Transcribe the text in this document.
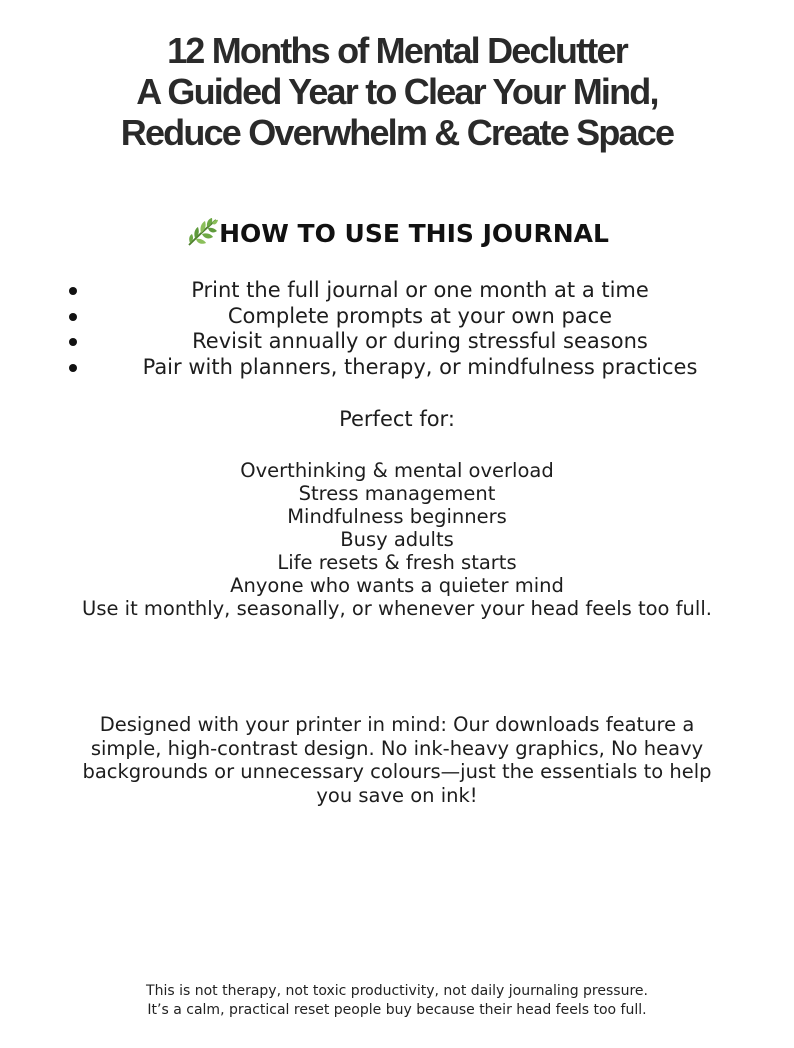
12 Months of Mental Declutter
A Guided Year to Clear Your Mind,
Reduce Overwhelm & Create Space
HOW TO USE THIS JOURNAL
Print the full journal or one month at a time
Complete prompts at your own pace
Revisit annually or during stressful seasons
Pair with planners, therapy, or mindfulness practices
Perfect for:
Overthinking & mental overload
Stress management
Mindfulness beginners
Busy adults
Life resets & fresh starts
Anyone who wants a quieter mind
Use it monthly, seasonally, or whenever your head feels too full.
Designed with your printer in mind: Our downloads feature a
simple, high-contrast design. No ink-heavy graphics, No heavy
backgrounds or unnecessary colours—just the essentials to help
you save on ink!
This is not therapy, not toxic productivity, not daily journaling pressure.
It’s a calm, practical reset people buy because their head feels too full.
